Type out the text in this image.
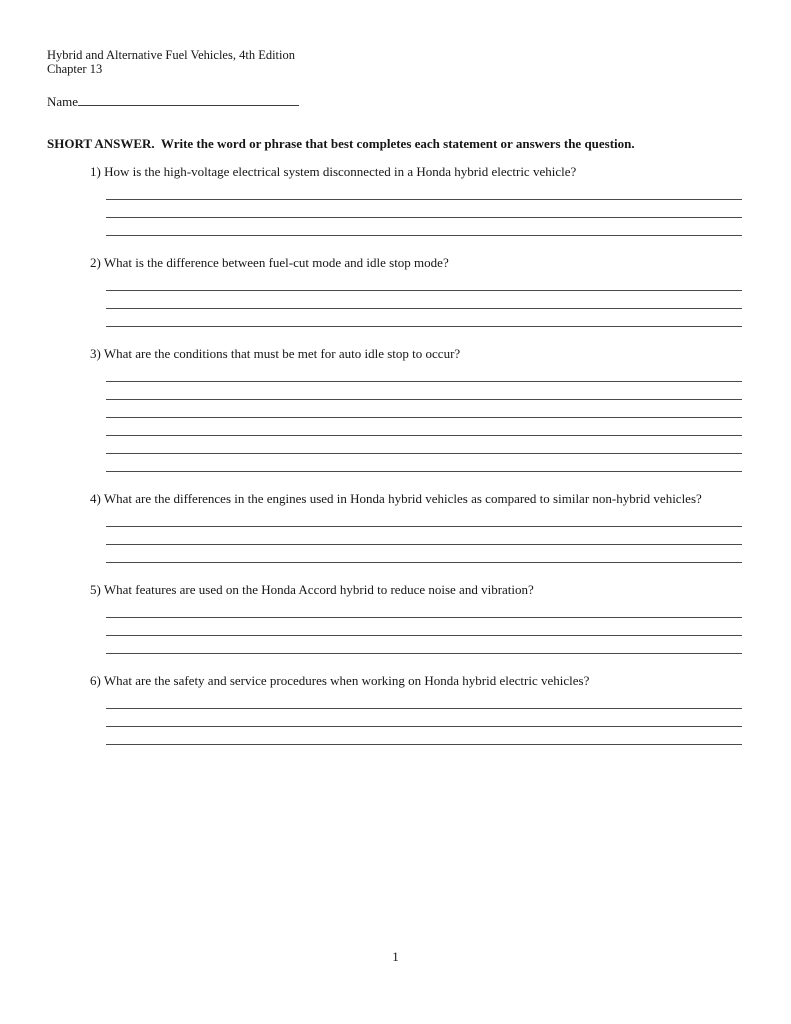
Hybrid and Alternative Fuel Vehicles, 4th Edition
Chapter 13
Name
SHORT ANSWER.  Write the word or phrase that best completes each statement or answers the question.
1) How is the high-voltage electrical system disconnected in a Honda hybrid electric vehicle?
2) What is the difference between fuel-cut mode and idle stop mode?
3) What are the conditions that must be met for auto idle stop to occur?
4) What are the differences in the engines used in Honda hybrid vehicles as compared to similar non-hybrid vehicles?
5) What features are used on the Honda Accord hybrid to reduce noise and vibration?
6) What are the safety and service procedures when working on Honda hybrid electric vehicles?
1
